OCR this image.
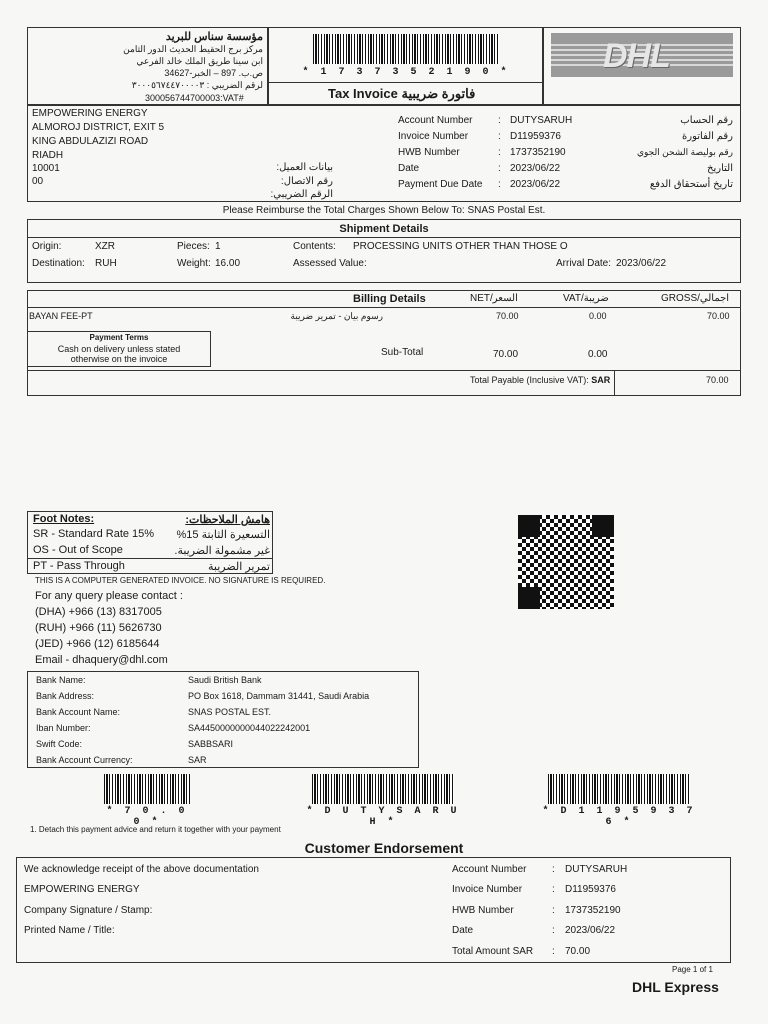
مؤسسة سناس للبريد
مركز برج الحقيط الحديث الدور الثامن
ابن سينا طريق الملك خالد الفرعي
ص.ب. 897 – الخبر-34627
لرقم الضريبي : ٣٠٠٠٥٦٧٤٤٧٠٠٠٠٣
300056744700003:VAT#
* 1 7 3 7 3 5 2 1 9 0 *
Tax Invoice فاتورة ضريبية
DHL
EMPOWERING ENERGY
ALMOROJ DISTRICT, EXIT 5
KING ABDULAZIZI ROAD
RIADH
10001
00
بيانات العميل:
رقم الاتصال:
الرقم الضريبي:
Account Number	: DUTYSARUH	رقم الحساب
Invoice Number	: D11959376	رقم الفاتورة
HWB Number	: 1737352190	رقم بوليصة الشحن الجوي
Date	: 2023/06/22	التاريخ
Payment Due Date : 2023/06/22	تاريخ أستحقاق الدفع
Please Reimburse the Total Charges Shown Below To: SNAS Postal Est.
Shipment Details
Origin:	XZR	Pieces: 1	Contents: PROCESSING UNITS OTHER THAN THOSE O
Destination: RUH	Weight: 16.00	Assessed Value:	Arrival Date: 2023/06/22
Billing Details	NET/السعر	VAT/ضريبة	GROSS/اجمالي
BAYAN FEE-PT	رسوم بيان - تمرير ضريبة	70.00	0.00	70.00
Payment Terms
Cash on delivery unless stated otherwise on the invoice
Sub-Total	70.00	0.00
Total Payable (Inclusive VAT): SAR	70.00
Foot Notes:	هامش الملاحظات:
SR - Standard Rate 15% التسعيرة الثابتة 15%
OS - Out of Scope	غير مشمولة الضريبة.
PT - Pass Through	تمرير الضريبة
THIS IS A COMPUTER GENERATED INVOICE. NO SIGNATURE IS REQUIRED.
For any query please contact :
(DHA) +966 (13) 8317005
(RUH) +966 (11) 5626730
(JED) +966 (12) 6185644
Email - dhaquery@dhl.com
Bank Name:	Saudi British Bank
Bank Address:	PO Box 1618, Dammam 31441, Saudi Arabia
Bank Account Name:	SNAS POSTAL EST.
Iban Number:	SA4450000000044022242001
Swift Code:	SABBSARI
Bank Account Currency:	SAR
* 7 0 . 0 0 *
* D U T Y S A R U H *
* D 1 1 9 5 9 3 7 6 *
1. Detach this payment advice and return it together with your payment
Customer Endorsement
We acknowledge receipt of the above documentation
EMPOWERING ENERGY
Company Signature / Stamp:
Printed Name / Title:
Account Number	: DUTYSARUH
Invoice Number	: D11959376
HWB Number	: 1737352190
Date	: 2023/06/22
Total Amount SAR : 70.00
Page 1 of 1
DHL Express
